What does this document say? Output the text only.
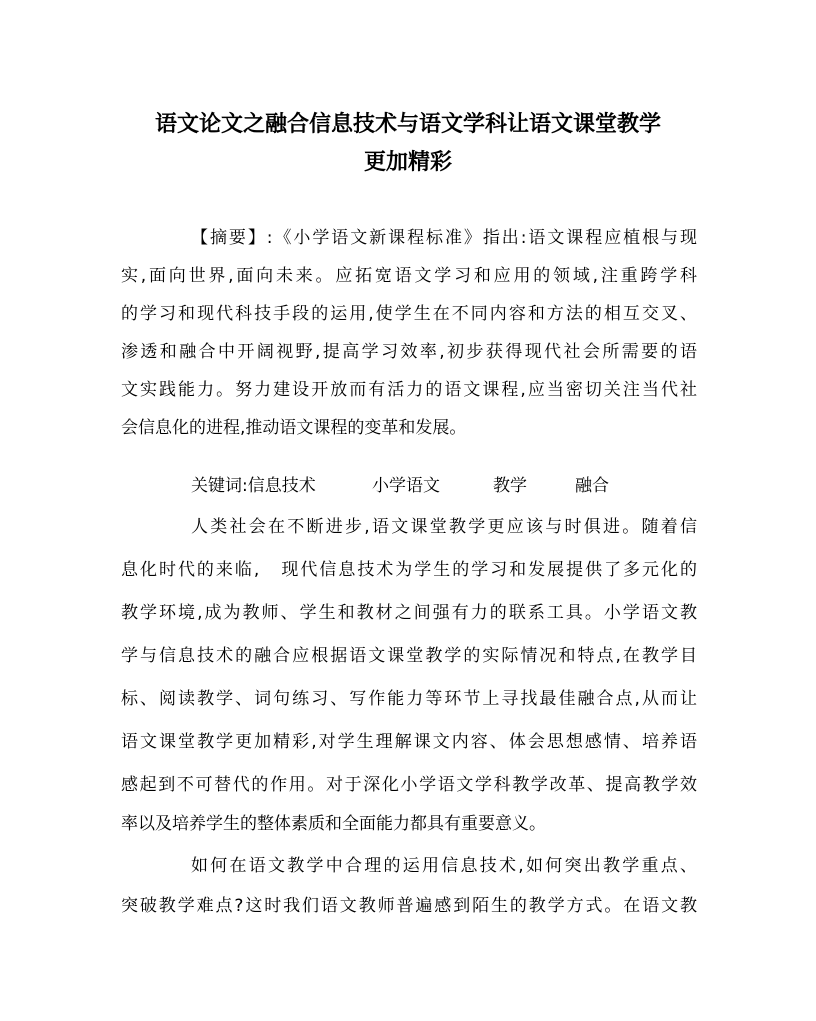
语文论文之融合信息技术与语文学科让语文课堂教学
更加精彩
【摘要】:《小学语文新课程标准》指出:语文课程应植根与现
实,面向世界,面向未来。应拓宽语文学习和应用的领域,注重跨学科
的学习和现代科技手段的运用,使学生在不同内容和方法的相互交叉、
渗透和融合中开阔视野,提高学习效率,初步获得现代社会所需要的语
文实践能力。努力建设开放而有活力的语文课程,应当密切关注当代社
会信息化的进程,推动语文课程的变革和发展。
关键词:信息技术	小学语文	教学	融合
人类社会在不断进步,语文课堂教学更应该与时俱进。随着信
息化时代的来临,   现代信息技术为学生的学习和发展提供了多元化的
教学环境,成为教师、学生和教材之间强有力的联系工具。小学语文教
学与信息技术的融合应根据语文课堂教学的实际情况和特点,在教学目
标、阅读教学、词句练习、写作能力等环节上寻找最佳融合点,从而让
语文课堂教学更加精彩,对学生理解课文内容、体会思想感情、培养语
感起到不可替代的作用。对于深化小学语文学科教学改革、提高教学效
率以及培养学生的整体素质和全面能力都具有重要意义。
如何在语文教学中合理的运用信息技术,如何突出教学重点、
突破教学难点?这时我们语文教师普遍感到陌生的教学方式。在语文教
